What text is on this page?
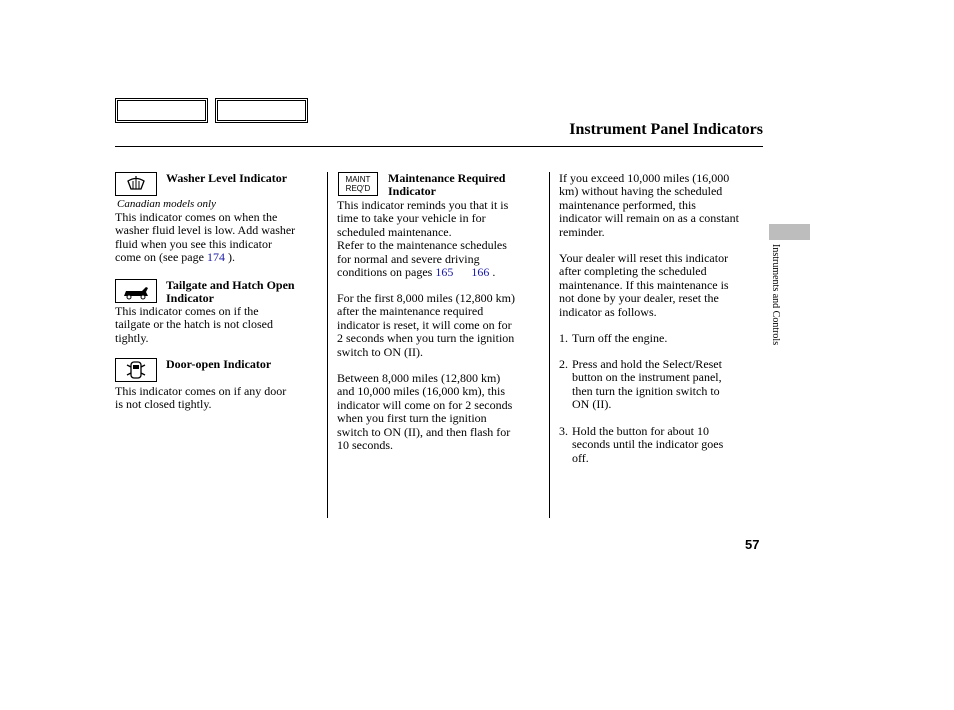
Instrument Panel Indicators
Washer Level Indicator
Canadian models only
This indicator comes on when the
washer fluid level is low. Add washer
fluid when you see this indicator
come on (see page 174 ).
Tailgate and Hatch Open
Indicator
This indicator comes on if the
tailgate or the hatch is not closed
tightly.
Door-open Indicator
This indicator comes on if any door
is not closed tightly.
MAINT
REQ'D
Maintenance Required
Indicator
This indicator reminds you that it is
time to take your vehicle in for
scheduled maintenance.
Refer to the maintenance schedules
for normal and severe driving
conditions on pages 165 166 .
For the first 8,000 miles (12,800 km)
after the maintenance required
indicator is reset, it will come on for
2 seconds when you turn the ignition
switch to ON (II).
Between 8,000 miles (12,800 km)
and 10,000 miles (16,000 km), this
indicator will come on for 2 seconds
when you first turn the ignition
switch to ON (II), and then flash for
10 seconds.
If you exceed 10,000 miles (16,000
km) without having the scheduled
maintenance performed, this
indicator will remain on as a constant
reminder.
Your dealer will reset this indicator
after completing the scheduled
maintenance. If this maintenance is
not done by your dealer, reset the
indicator as follows.
1. Turn off the engine.
2. Press and hold the Select/Reset
button on the instrument panel,
then turn the ignition switch to
ON (II).
3. Hold the button for about 10
seconds until the indicator goes
off.
Instruments and Controls
57
